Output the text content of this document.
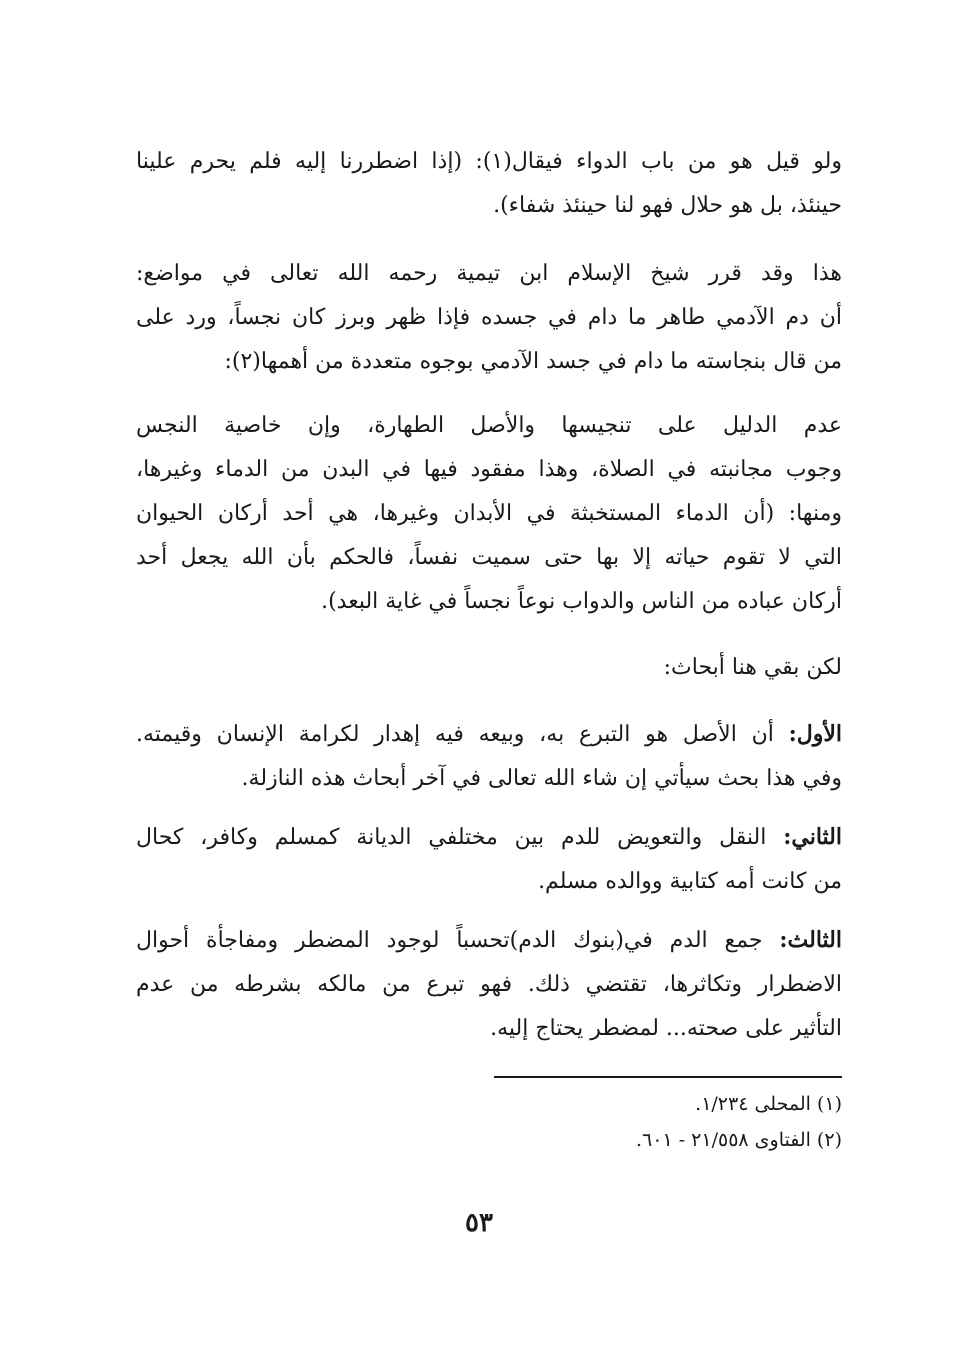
ولو قيل هو من باب الدواء فيقال(١): (إذا اضطررنا إليه فلم يحرم علينا
حينئذ، بل هو حلال فهو لنا حينئذ شفاء).
هذا وقد قرر شيخ الإسلام ابن تيمية رحمه الله تعالى في مواضع:
أن دم الآدمي طاهر ما دام في جسده فإذا ظهر وبرز كان نجساً، ورد على
من قال بنجاسته ما دام في جسد الآدمي بوجوه متعددة من أهمها(٢):
عدم الدليل على تنجيسها والأصل الطهارة، وإن خاصية النجس
وجوب مجانبته في الصلاة، وهذا مفقود فيها في البدن من الدماء وغيرها،
ومنها: (أن الدماء المستخبثة في الأبدان وغيرها، هي أحد أركان الحيوان
التي لا تقوم حياته إلا بها حتى سميت نفساً، فالحكم بأن الله يجعل أحد
أركان عباده من الناس والدواب نوعاً نجساً في غاية البعد).
لكن بقي هنا أبحاث:
الأول: أن الأصل هو التبرع به، وبيعه فيه إهدار لكرامة الإنسان وقيمته.
وفي هذا بحث سيأتي إن شاء الله تعالى في آخر أبحاث هذه النازلة.
الثاني: النقل والتعويض للدم بين مختلفي الديانة كمسلم وكافر، كحال
من كانت أمه كتابية ووالده مسلم.
الثالث: جمع الدم في(بنوك الدم)تحسباً لوجود المضطر ومفاجأة أحوال
الاضطرار وتكاثرها، تقتضي ذلك. فهو تبرع من مالكه بشرطه من عدم
التأثير على صحته... لمضطر يحتاج إليه.
(١) المحلى ١/٢٣٤.
(٢) الفتاوى ٢١/٥٥٨ - ٦٠١.
٥٣
